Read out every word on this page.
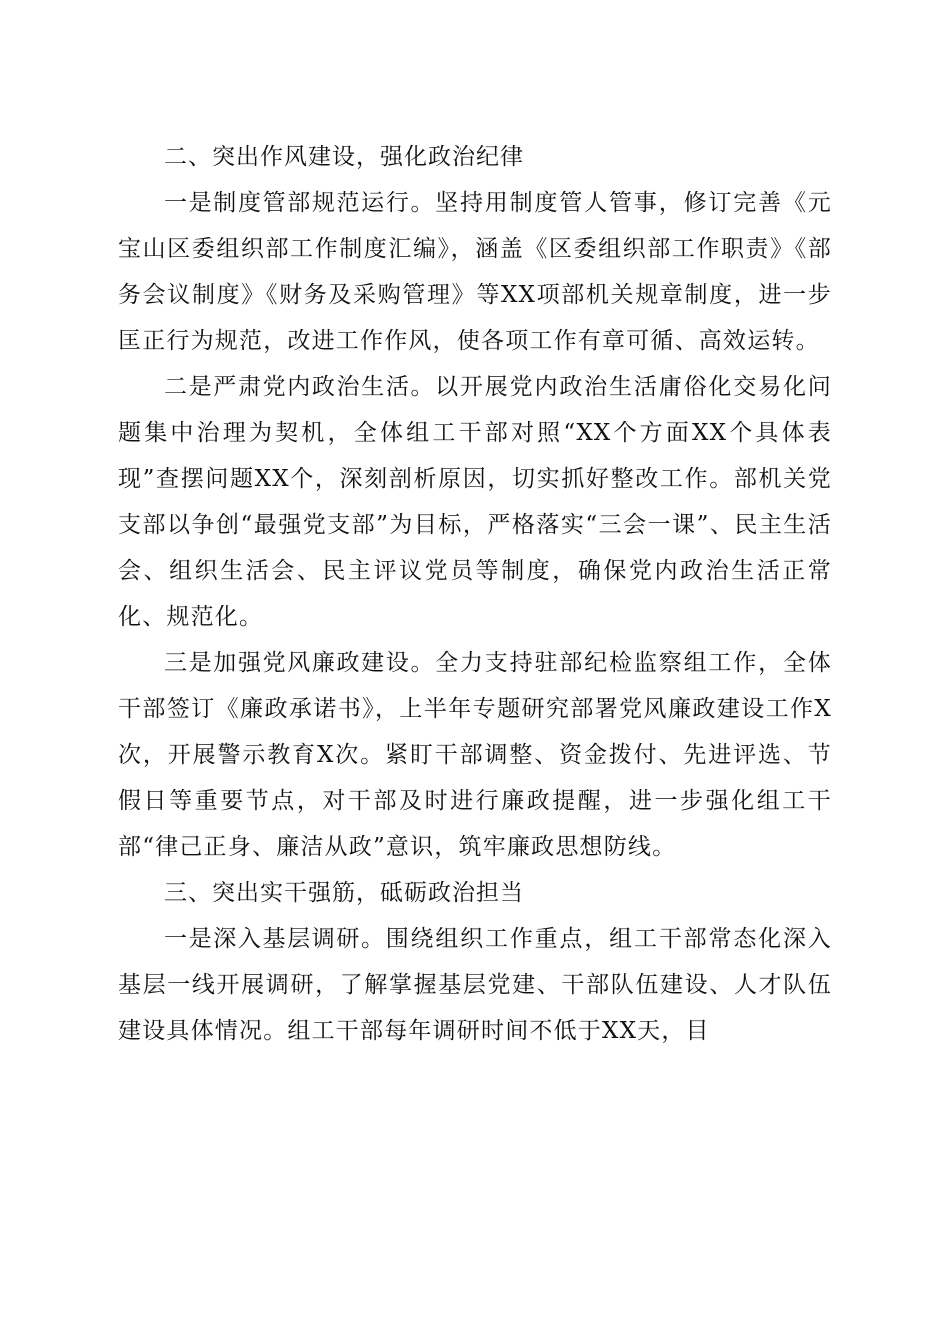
二、突出作风建设，强化政治纪律

一是制度管部规范运行。坚持用制度管人管事，修订完善《元宝山区委组织部工作制度汇编》，涵盖《区委组织部工作职责》《部务会议制度》《财务及采购管理》等XX项部机关规章制度，进一步匡正行为规范，改进工作作风，使各项工作有章可循、高效运转。

二是严肃党内政治生活。以开展党内政治生活庸俗化交易化问题集中治理为契机，全体组工干部对照“XX个方面XX个具体表现”查摆问题XX个，深刻剖析原因，切实抓好整改工作。部机关党支部以争创“最强党支部”为目标，严格落实“三会一课”、民主生活会、组织生活会、民主评议党员等制度，确保党内政治生活正常化、规范化。

三是加强党风廉政建设。全力支持驻部纪检监察组工作，全体干部签订《廉政承诺书》，上半年专题研究部署党风廉政建设工作X次，开展警示教育X次。紧盯干部调整、资金拨付、先进评选、节假日等重要节点，对干部及时进行廉政提醒，进一步强化组工干部“律己正身、廉洁从政”意识，筑牢廉政思想防线。

三、突出实干强筋，砥砺政治担当

一是深入基层调研。围绕组织工作重点，组工干部常态化深入基层一线开展调研，了解掌握基层党建、干部队伍建设、人才队伍建设具体情况。组工干部每年调研时间不低于XX天，目
